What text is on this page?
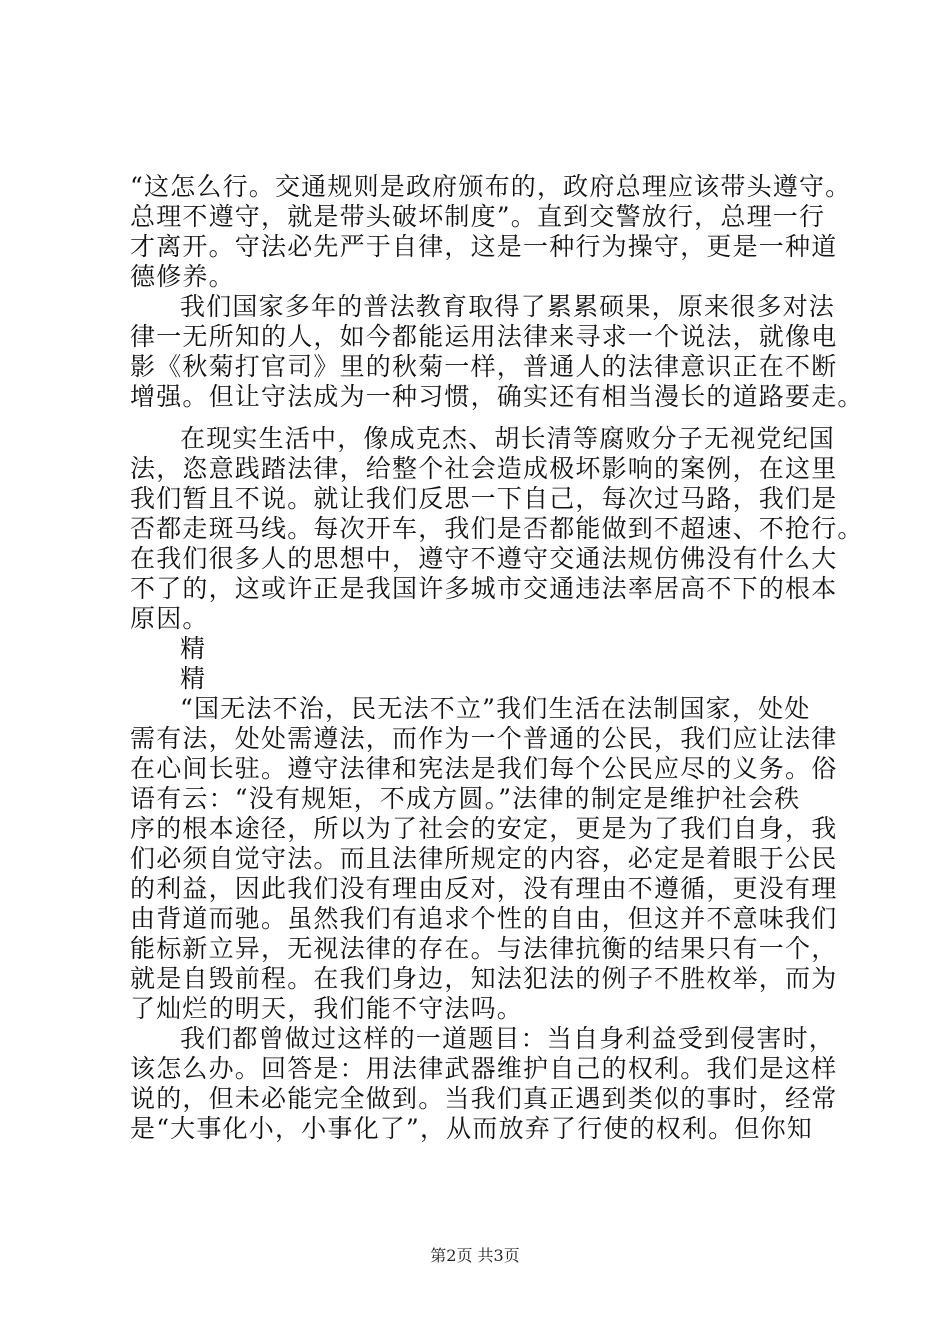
“这怎么行。交通规则是政府颁布的，政府总理应该带头遵守。
总理不遵守，就是带头破坏制度”。直到交警放行，总理一行
才离开。守法必先严于自律，这是一种行为操守，更是一种道
德修养。
我们国家多年的普法教育取得了累累硕果，原来很多对法
律一无所知的人，如今都能运用法律来寻求一个说法，就像电
影《秋菊打官司》里的秋菊一样，普通人的法律意识正在不断
增强。但让守法成为一种习惯，确实还有相当漫长的道路要走。
在现实生活中，像成克杰、胡长清等腐败分子无视党纪国
法，恣意践踏法律，给整个社会造成极坏影响的案例，在这里
我们暂且不说。就让我们反思一下自己，每次过马路，我们是
否都走斑马线。每次开车，我们是否都能做到不超速、不抢行。
在我们很多人的思想中，遵守不遵守交通法规仿佛没有什么大
不了的，这或许正是我国许多城市交通违法率居高不下的根本
原因。
精
精
“国无法不治，民无法不立”我们生活在法制国家，处处
需有法，处处需遵法，而作为一个普通的公民，我们应让法律
在心间长驻。遵守法律和宪法是我们每个公民应尽的义务。俗
语有云：“没有规矩，不成方圆。”法律的制定是维护社会秩
序的根本途径，所以为了社会的安定，更是为了我们自身，我
们必须自觉守法。而且法律所规定的内容，必定是着眼于公民
的利益，因此我们没有理由反对，没有理由不遵循，更没有理
由背道而驰。虽然我们有追求个性的自由，但这并不意味我们
能标新立异，无视法律的存在。与法律抗衡的结果只有一个，
就是自毁前程。在我们身边，知法犯法的例子不胜枚举，而为
了灿烂的明天，我们能不守法吗。
我们都曾做过这样的一道题目：当自身利益受到侵害时，
该怎么办。回答是：用法律武器维护自己的权利。我们是这样
说的，但未必能完全做到。当我们真正遇到类似的事时，经常
是“大事化小，小事化了”，从而放弃了行使的权利。但你知
第2页 共3页
